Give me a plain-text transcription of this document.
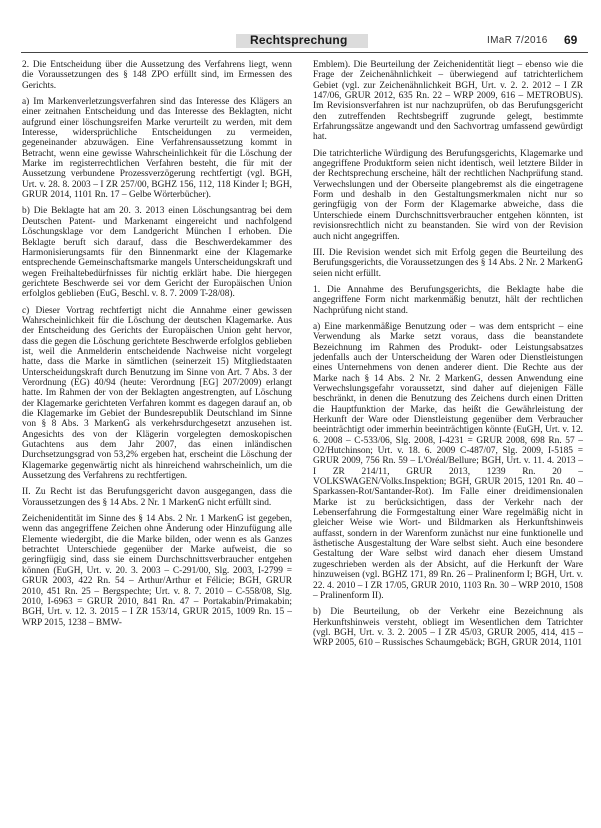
Rechtsprechung	IMaR 7/2016 69

2. Die Entscheidung über die Aussetzung des Verfahrens liegt, wenn die Voraussetzungen des § 148 ZPO erfüllt sind, im Ermessen des Gerichts.

a) Im Markenverletzungsverfahren sind das Interesse des Klägers an einer zeitnahen Entscheidung und das Interesse des Beklagten, nicht aufgrund einer löschungsreifen Marke verurteilt zu werden, mit dem Interesse, widersprüchliche Entscheidungen zu vermeiden, gegeneinander abzuwägen. Eine Verfahrensaussetzung kommt in Betracht, wenn eine gewisse Wahrscheinlichkeit für die Löschung der Marke im registerrechtlichen Verfahren besteht, die für mit der Aussetzung verbundene Prozessverzögerung rechtfertigt (vgl. BGH, Urt. v. 28. 8. 2003 – I ZR 257/00, BGHZ 156, 112, 118 Kinder I; BGH, GRUR 2014, 1101 Rn. 17 – Gelbe Wörterbücher).

b) Die Beklagte hat am 20. 3. 2013 einen Löschungsantrag bei dem Deutschen Patent- und Markenamt eingereicht und nachfolgend Löschungsklage vor dem Landgericht München I erhoben. Die Beklagte beruft sich darauf, dass die Beschwerdekammer des Harmonisierungsamts für den Binnenmarkt eine der Klagemarke entsprechende Gemeinschaftsmarke mangels Unterscheidungskraft und wegen Freihaltebedürfnisses für nichtig erklärt habe. Die hiergegen gerichtete Beschwerde sei vor dem Gericht der Europäischen Union erfolglos geblieben (EuG, Beschl. v. 8. 7. 2009 T-28/08).

c) Dieser Vortrag rechtfertigt nicht die Annahme einer gewissen Wahrscheinlichkeit für die Löschung der deutschen Klagemarke. Aus der Entscheidung des Gerichts der Europäischen Union geht hervor, dass die gegen die Löschung gerichtete Beschwerde erfolglos geblieben ist, weil die Anmelderin entscheidende Nachweise nicht vorgelegt hatte, dass die Marke in sämtlichen (seinerzeit 15) Mitgliedstaaten Unterscheidungskraft durch Benutzung im Sinne von Art. 7 Abs. 3 der Verordnung (EG) 40/94 (heute: Verordnung [EG] 207/2009) erlangt hatte. Im Rahmen der von der Beklagten angestrengten, auf Löschung der Klagemarke gerichteten Verfahren kommt es dagegen darauf an, ob die Klagemarke im Gebiet der Bundesrepublik Deutschland im Sinne von § 8 Abs. 3 MarkenG als verkehrsdurchgesetzt anzusehen ist. Angesichts des von der Klägerin vorgelegten demoskopischen Gutachtens aus dem Jahr 2007, das einen inländischen Durchsetzungsgrad von 53,2% ergeben hat, erscheint die Löschung der Klagemarke gegenwärtig nicht als hinreichend wahrscheinlich, um die Aussetzung des Verfahrens zu rechtfertigen.

II. Zu Recht ist das Berufungsgericht davon ausgegangen, dass die Voraussetzungen des § 14 Abs. 2 Nr. 1 MarkenG nicht erfüllt sind.

Zeichenidentität im Sinne des § 14 Abs. 2 Nr. 1 MarkenG ist gegeben, wenn das angegriffene Zeichen ohne Änderung oder Hinzufügung alle Elemente wiedergibt, die die Marke bilden, oder wenn es als Ganzes betrachtet Unterschiede gegenüber der Marke aufweist, die so geringfügig sind, dass sie einem Durchschnittsverbraucher entgehen können (EuGH, Urt. v. 20. 3. 2003 – C-291/00, Slg. 2003, I-2799 = GRUR 2003, 422 Rn. 54 – Arthur/Arthur et Félicie; BGH, GRUR 2010, 451 Rn. 25 – Bergspechte; Urt. v. 8. 7. 2010 – C-558/08, Slg. 2010, I-6963 = GRUR 2010, 841 Rn. 47 – Portakabin/Primakabin; BGH, Urt. v. 12. 3. 2015 – I ZR 153/14, GRUR 2015, 1009 Rn. 15 – WRP 2015, 1238 – BMW-

Emblem). Die Beurteilung der Zeichenidentität liegt – ebenso wie die Frage der Zeichenähnlichkeit – überwiegend auf tatrichterlichem Gebiet (vgl. zur Zeichenähnlichkeit BGH, Urt. v. 2. 2. 2012 – I ZR 147/06, GRUR 2012, 635 Rn. 22 – WRP 2009, 616 – METROBUS). Im Revisionsverfahren ist nur nachzuprüfen, ob das Berufungsgericht den zutreffenden Rechtsbegriff zugrunde gelegt, bestimmte Erfahrungssätze angewandt und den Sachvortrag umfassend gewürdigt hat.

Die tatrichterliche Würdigung des Berufungsgerichts, Klagemarke und angegriffene Produktform seien nicht identisch, weil letztere Bilder in der Rechtsprechung erscheine, hält der rechtlichen Nachprüfung stand. Verwechslungen und der Oberseite plangebremst als die eingetragene Form und deshalb in den Gestaltungsmerkmalen nicht nur so geringfügig von der Form der Klagemarke abweiche, dass die Unterschiede einem Durchschnittsverbraucher entgehen könnten, ist revisionsrechtlich nicht zu beanstanden. Sie wird von der Revision auch nicht angegriffen.

III. Die Revision wendet sich mit Erfolg gegen die Beurteilung des Berufungsgerichts, die Voraussetzungen des § 14 Abs. 2 Nr. 2 MarkenG seien nicht erfüllt.

1. Die Annahme des Berufungsgerichts, die Beklagte habe die angegriffene Form nicht markenmäßig benutzt, hält der rechtlichen Nachprüfung nicht stand.

a) Eine markenmäßige Benutzung oder – was dem entspricht – eine Verwendung als Marke setzt voraus, dass die beanstandete Bezeichnung im Rahmen des Produkt- oder Leistungsabsatzes jedenfalls auch der Unterscheidung der Waren oder Dienstleistungen eines Unternehmens von denen anderer dient. Die Rechte aus der Marke nach § 14 Abs. 2 Nr. 2 MarkenG, dessen Anwendung eine Verwechslungsgefahr voraussetzt, sind daher auf diejenigen Fälle beschränkt, in denen die Benutzung des Zeichens durch einen Dritten die Hauptfunktion der Marke, das heißt die Gewährleistung der Herkunft der Ware oder Dienstleistung gegenüber dem Verbraucher beeinträchtigt oder immerhin beeinträchtigen könnte (EuGH, Urt. v. 12. 6. 2008 – C-533/06, Slg. 2008, I-4231 = GRUR 2008, 698 Rn. 57 – O2/Hutchinson; Urt. v. 18. 6. 2009 C-487/07, Slg. 2009, I-5185 = GRUR 2009, 756 Rn. 59 – L'Oréal/Bellure; BGH, Urt. v. 11. 4. 2013 – I ZR 214/11, GRUR 2013, 1239 Rn. 20 – VOLKSWAGEN/Volks.Inspektion; BGH, GRUR 2015, 1201 Rn. 40 – Sparkassen-Rot/Santander-Rot). Im Falle einer dreidimensionalen Marke ist zu berücksichtigen, dass der Verkehr nach der Lebenserfahrung die Formgestaltung einer Ware regelmäßig nicht in gleicher Weise wie Wort- und Bildmarken als Herkunftshinweis auffasst, sondern in der Warenform zunächst nur eine funktionelle und ästhetische Ausgestaltung der Ware selbst sieht. Auch eine besondere Gestaltung der Ware selbst wird danach eher diesem Umstand zugeschrieben werden als der Absicht, auf die Herkunft der Ware hinzuweisen (vgl. BGHZ 171, 89 Rn. 26 – Pralinenform I; BGH, Urt. v. 22. 4. 2010 – I ZR 17/05, GRUR 2010, 1103 Rn. 30 – WRP 2010, 1508 – Pralinenform II).

b) Die Beurteilung, ob der Verkehr eine Bezeichnung als Herkunftshinweis versteht, obliegt im Wesentlichen dem Tatrichter (vgl. BGH, Urt. v. 3. 2. 2005 – I ZR 45/03, GRUR 2005, 414, 415 – WRP 2005, 610 – Russisches Schaumgebäck; BGH, GRUR 2014, 1101
